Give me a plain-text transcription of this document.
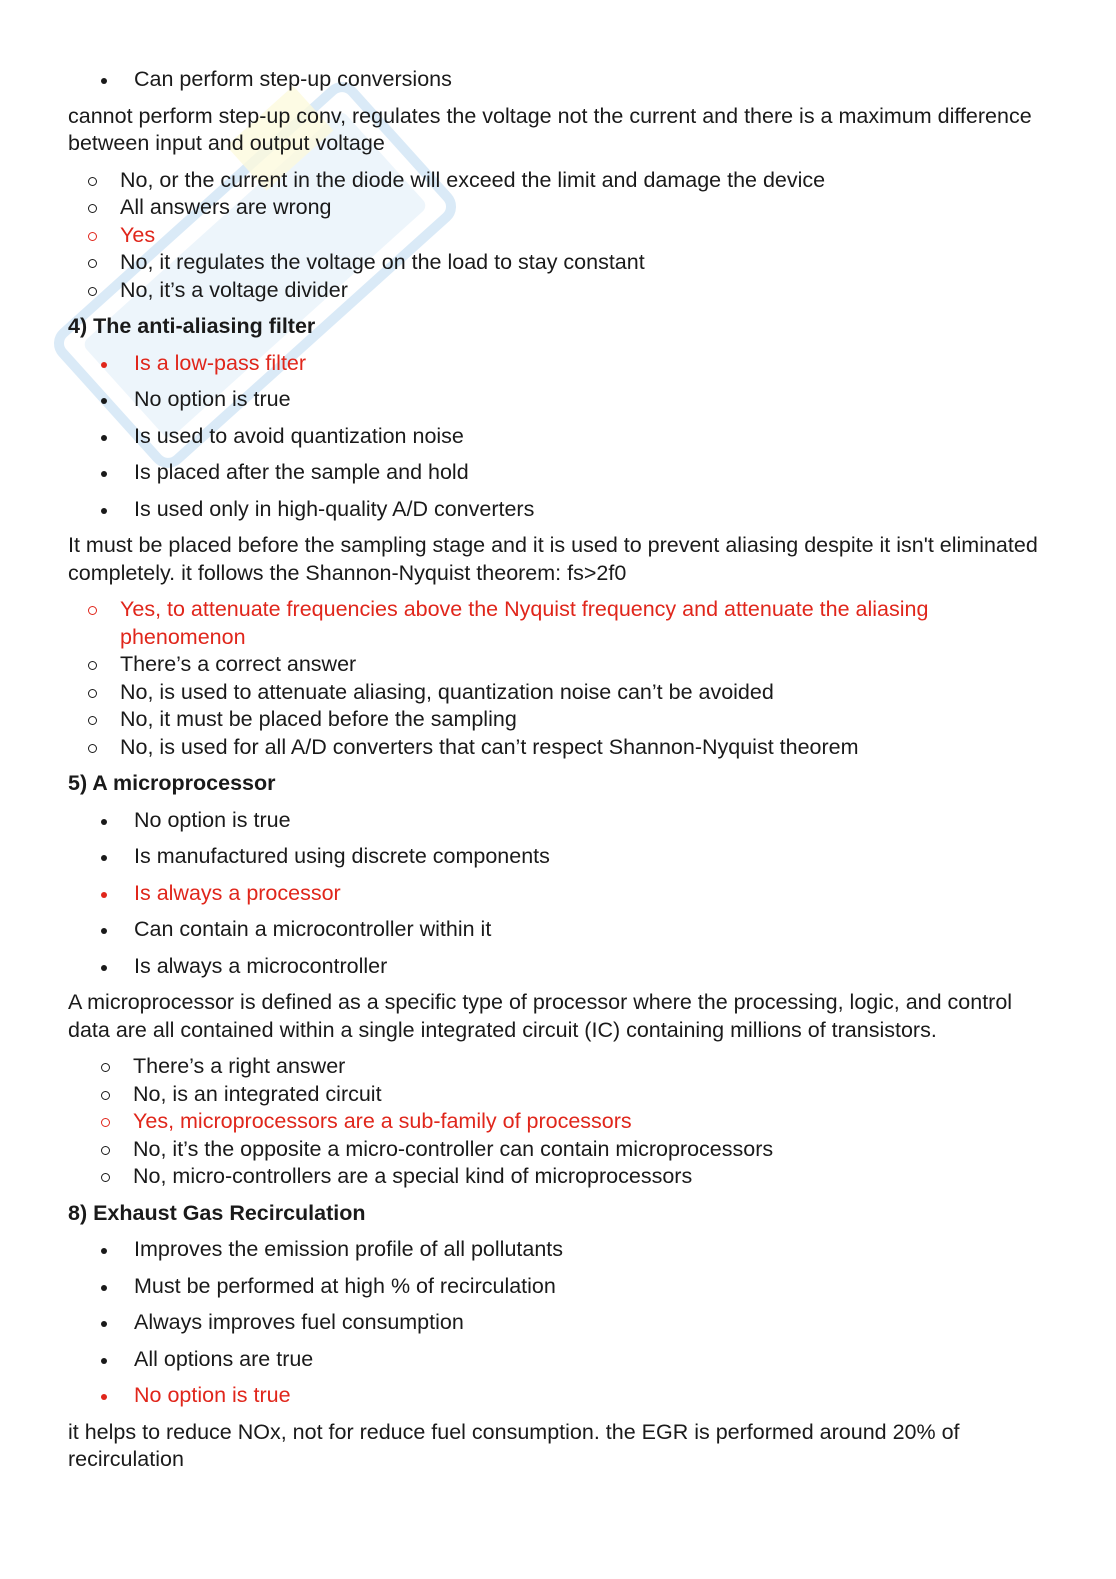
Can perform step-up conversions

cannot perform step-up conv, regulates the voltage not the current and there is a maximum difference between input and output voltage

No, or the current in the diode will exceed the limit and damage the device
All answers are wrong
Yes
No, it regulates the voltage on the load to stay constant
No, it’s a voltage divider

4) The anti-aliasing filter

Is a low-pass filter
No option is true
Is used to avoid quantization noise
Is placed after the sample and hold
Is used only in high-quality A/D converters

It must be placed before the sampling stage and it is used to prevent aliasing despite it isn't eliminated completely. it follows the Shannon-Nyquist theorem: fs>2f0

Yes, to attenuate frequencies above the Nyquist frequency and attenuate the aliasing phenomenon
There’s a correct answer
No, is used to attenuate aliasing, quantization noise can’t be avoided
No, it must be placed before the sampling
No, is used for all A/D converters that can’t respect Shannon-Nyquist theorem

5) A microprocessor

No option is true
Is manufactured using discrete components
Is always a processor
Can contain a microcontroller within it
Is always a microcontroller

A microprocessor is defined as a specific type of processor where the processing, logic, and control data are all contained within a single integrated circuit (IC) containing millions of transistors.

There’s a right answer
No, is an integrated circuit
Yes, microprocessors are a sub-family of processors
No, it’s the opposite a micro-controller can contain microprocessors
No, micro-controllers are a special kind of microprocessors

8) Exhaust Gas Recirculation

Improves the emission profile of all pollutants
Must be performed at high % of recirculation
Always improves fuel consumption
All options are true
No option is true

it helps to reduce NOx, not for reduce fuel consumption. the EGR is performed around 20% of recirculation
